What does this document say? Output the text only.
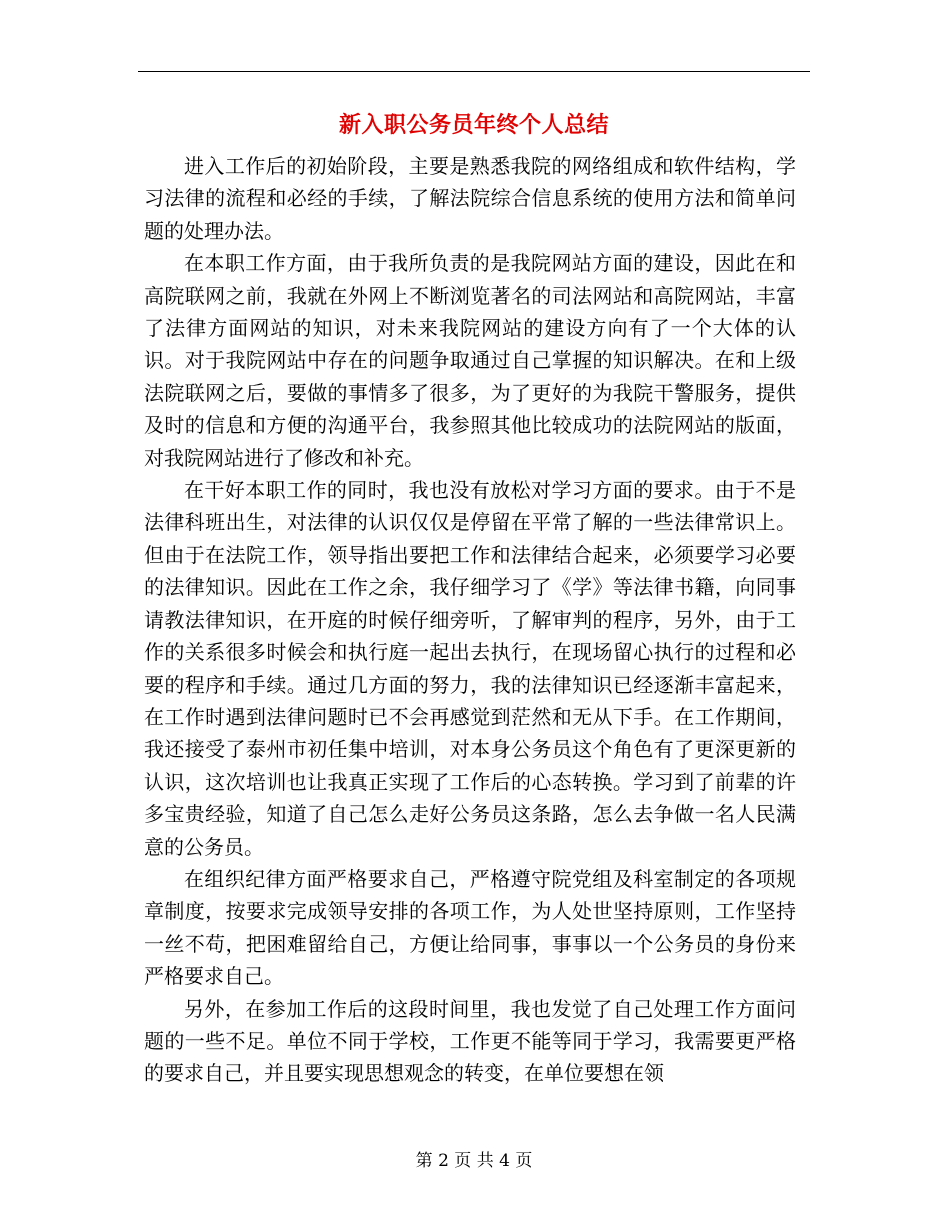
新入职公务员年终个人总结

进入工作后的初始阶段，主要是熟悉我院的网络组成和软件结构，学习法律的流程和必经的手续，了解法院综合信息系统的使用方法和简单问题的处理办法。

在本职工作方面，由于我所负责的是我院网站方面的建设，因此在和高院联网之前，我就在外网上不断浏览著名的司法网站和高院网站，丰富了法律方面网站的知识，对未来我院网站的建设方向有了一个大体的认识。对于我院网站中存在的问题争取通过自己掌握的知识解决。在和上级法院联网之后，要做的事情多了很多，为了更好的为我院干警服务，提供及时的信息和方便的沟通平台，我参照其他比较成功的法院网站的版面，对我院网站进行了修改和补充。

在干好本职工作的同时，我也没有放松对学习方面的要求。由于不是法律科班出生，对法律的认识仅仅是停留在平常了解的一些法律常识上。但由于在法院工作，领导指出要把工作和法律结合起来，必须要学习必要的法律知识。因此在工作之余，我仔细学习了《学》等法律书籍，向同事请教法律知识，在开庭的时候仔细旁听，了解审判的程序，另外，由于工作的关系很多时候会和执行庭一起出去执行，在现场留心执行的过程和必要的程序和手续。通过几方面的努力，我的法律知识已经逐渐丰富起来，在工作时遇到法律问题时已不会再感觉到茫然和无从下手。在工作期间，我还接受了泰州市初任集中培训，对本身公务员这个角色有了更深更新的认识，这次培训也让我真正实现了工作后的心态转换。学习到了前辈的许多宝贵经验，知道了自己怎么走好公务员这条路，怎么去争做一名人民满意的公务员。

在组织纪律方面严格要求自己，严格遵守院党组及科室制定的各项规章制度，按要求完成领导安排的各项工作，为人处世坚持原则，工作坚持一丝不苟，把困难留给自己，方便让给同事，事事以一个公务员的身份来严格要求自己。

另外，在参加工作后的这段时间里，我也发觉了自己处理工作方面问题的一些不足。单位不同于学校，工作更不能等同于学习，我需要更严格的要求自己，并且要实现思想观念的转变，在单位要想在领

第 2 页 共 4 页
